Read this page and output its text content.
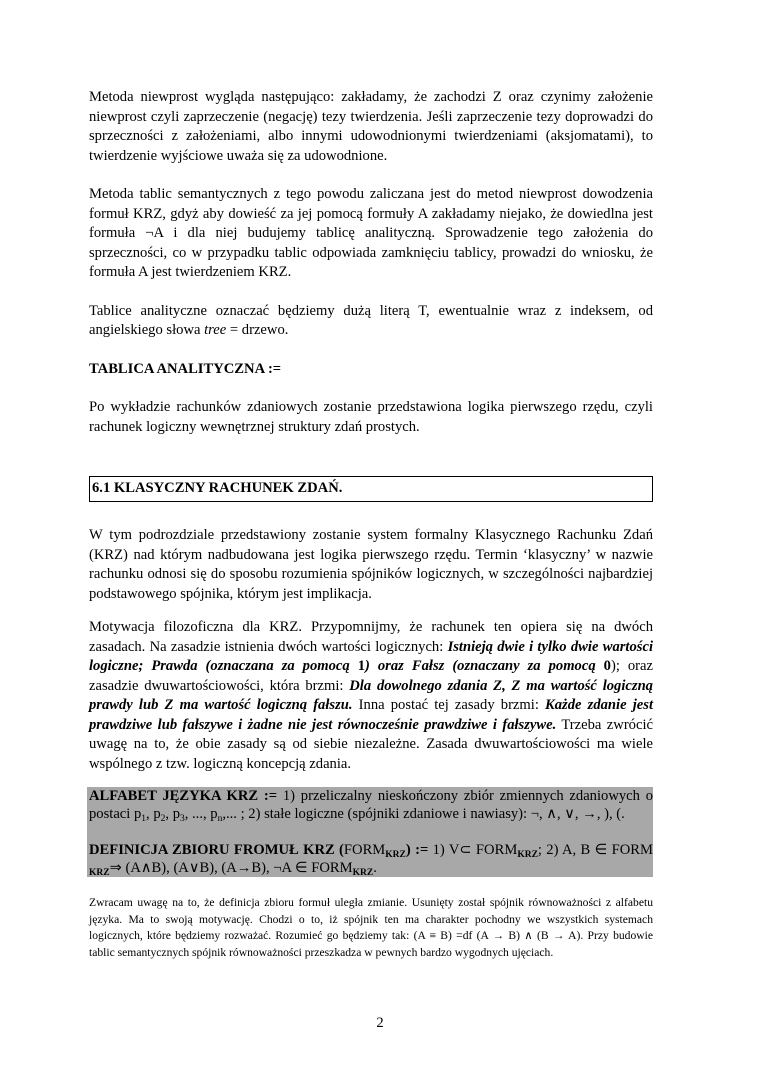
Metoda niewprost wygląda następująco: zakładamy, że zachodzi Z oraz czynimy założenie niewprost czyli zaprzeczenie (negację) tezy twierdzenia. Jeśli zaprzeczenie tezy doprowadzi do sprzeczności z założeniami, albo innymi udowodnionymi twierdzeniami (aksjomatami), to twierdzenie wyjściowe uważa się za udowodnione.

Metoda tablic semantycznych z tego powodu zaliczana jest do metod niewprost dowodzenia formuł KRZ, gdyż aby dowieść za jej pomocą formuły A zakładamy niejako, że dowiedlna jest formuła ¬A i dla niej budujemy tablicę analityczną. Sprowadzenie tego założenia do sprzeczności, co w przypadku tablic odpowiada zamknięciu tablicy, prowadzi do wniosku, że formuła A jest twierdzeniem KRZ.

Tablice analityczne oznaczać będziemy dużą literą T, ewentualnie wraz z indeksem, od angielskiego słowa tree = drzewo.

TABLICA ANALITYCZNA :=

Po wykładzie rachunków zdaniowych zostanie przedstawiona logika pierwszego rzędu, czyli rachunek logiczny wewnętrznej struktury zdań prostych.

6.1 KLASYCZNY RACHUNEK ZDAŃ.

W tym podrozdziale przedstawiony zostanie system formalny Klasycznego Rachunku Zdań (KRZ) nad którym nadbudowana jest logika pierwszego rzędu. Termin ‘klasyczny’ w nazwie rachunku odnosi się do sposobu rozumienia spójników logicznych, w szczególności najbardziej podstawowego spójnika, którym jest implikacja.

Motywacja filozoficzna dla KRZ. Przypomnijmy, że rachunek ten opiera się na dwóch zasadach. Na zasadzie istnienia dwóch wartości logicznych: Istnieją dwie i tylko dwie wartości logiczne; Prawda (oznaczana za pomocą 1) oraz Fałsz (oznaczany za pomocą 0); oraz zasadzie dwuwartościowości, która brzmi: Dla dowolnego zdania Z, Z ma wartość logiczną prawdy lub Z ma wartość logiczną fałszu. Inna postać tej zasady brzmi: Każde zdanie jest prawdziwe lub fałszywe i żadne nie jest równocześnie prawdziwe i fałszywe. Trzeba zwrócić uwagę na to, że obie zasady są od siebie niezależne. Zasada dwuwartościowości ma wiele wspólnego z tzw. logiczną koncepcją zdania.

ALFABET JĘZYKA KRZ := 1) przeliczalny nieskończony zbiór zmiennych zdaniowych o postaci $p_1$, $p_2$, $p_3$, ..., $p_n$,... ; 2) stałe logiczne (spójniki zdaniowe i nawiasy): ¬, ∧, ∨, →, ), (.

DEFINICJA ZBIORU FROMUŁ KRZ $(FORM_{KRZ})$ := 1) V⊂ $FORM_{KRZ}$; 2) A, B ∈ FORM $_{KRZ}$⇒ (A∧B), (A∨B), (A→B), ¬A ∈ $FORM_{KRZ}$.

Zwracam uwagę na to, że definicja zbioru formuł uległa zmianie. Usunięty został spójnik równoważności z alfabetu języka. Ma to swoją motywację. Chodzi o to, iż spójnik ten ma charakter pochodny we wszystkich systemach logicznych, które będziemy rozważać. Rozumieć go będziemy tak: (A ≡ B) =df (A → B) ∧ (B → A). Przy budowie tablic semantycznych spójnik równoważności przeszkadza w pewnych bardzo wygodnych ujęciach.

2
